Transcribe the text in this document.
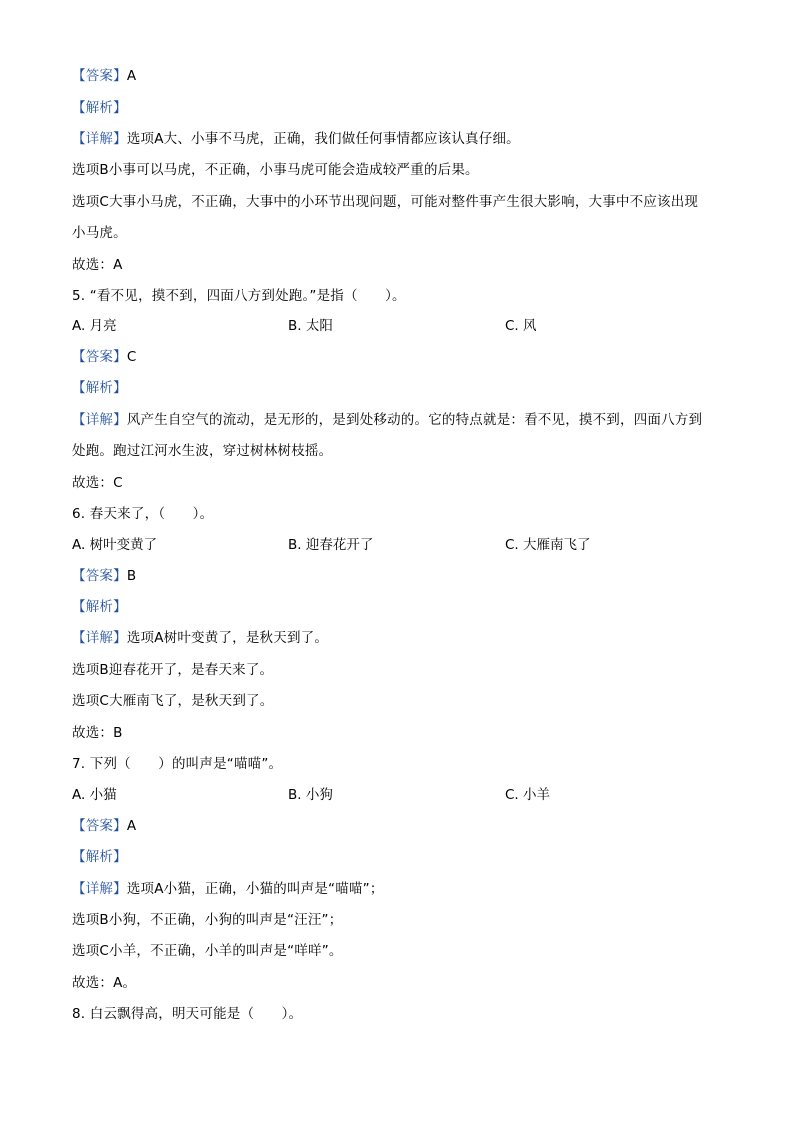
【答案】A
【解析】
【详解】选项A大、小事不马虎，正确，我们做任何事情都应该认真仔细。
选项B小事可以马虎，不正确，小事马虎可能会造成较严重的后果。
选项C大事小马虎，不正确，大事中的小环节出现问题，可能对整件事产生很大影响，大事中不应该出现
小马虎。
故选：A
5. “看不见，摸不到，四面八方到处跑。”是指（　　）。
A. 月亮	B. 太阳	C. 风
【答案】C
【解析】
【详解】风产生自空气的流动，是无形的，是到处移动的。它的特点就是：看不见，摸不到，四面八方到
处跑。跑过江河水生波，穿过树林树枝摇。
故选：C
6. 春天来了，（　　）。
A. 树叶变黄了	B. 迎春花开了	C. 大雁南飞了
【答案】B
【解析】
【详解】选项A树叶变黄了，是秋天到了。
选项B迎春花开了，是春天来了。
选项C大雁南飞了，是秋天到了。
故选：B
7. 下列（　　）的叫声是“喵喵”。
A. 小猫	B. 小狗	C. 小羊
【答案】A
【解析】
【详解】选项A小猫，正确，小猫的叫声是“喵喵”；
选项B小狗，不正确，小狗的叫声是“汪汪”；
选项C小羊，不正确，小羊的叫声是“咩咩”。
故选：A。
8. 白云飘得高，明天可能是（　　）。
